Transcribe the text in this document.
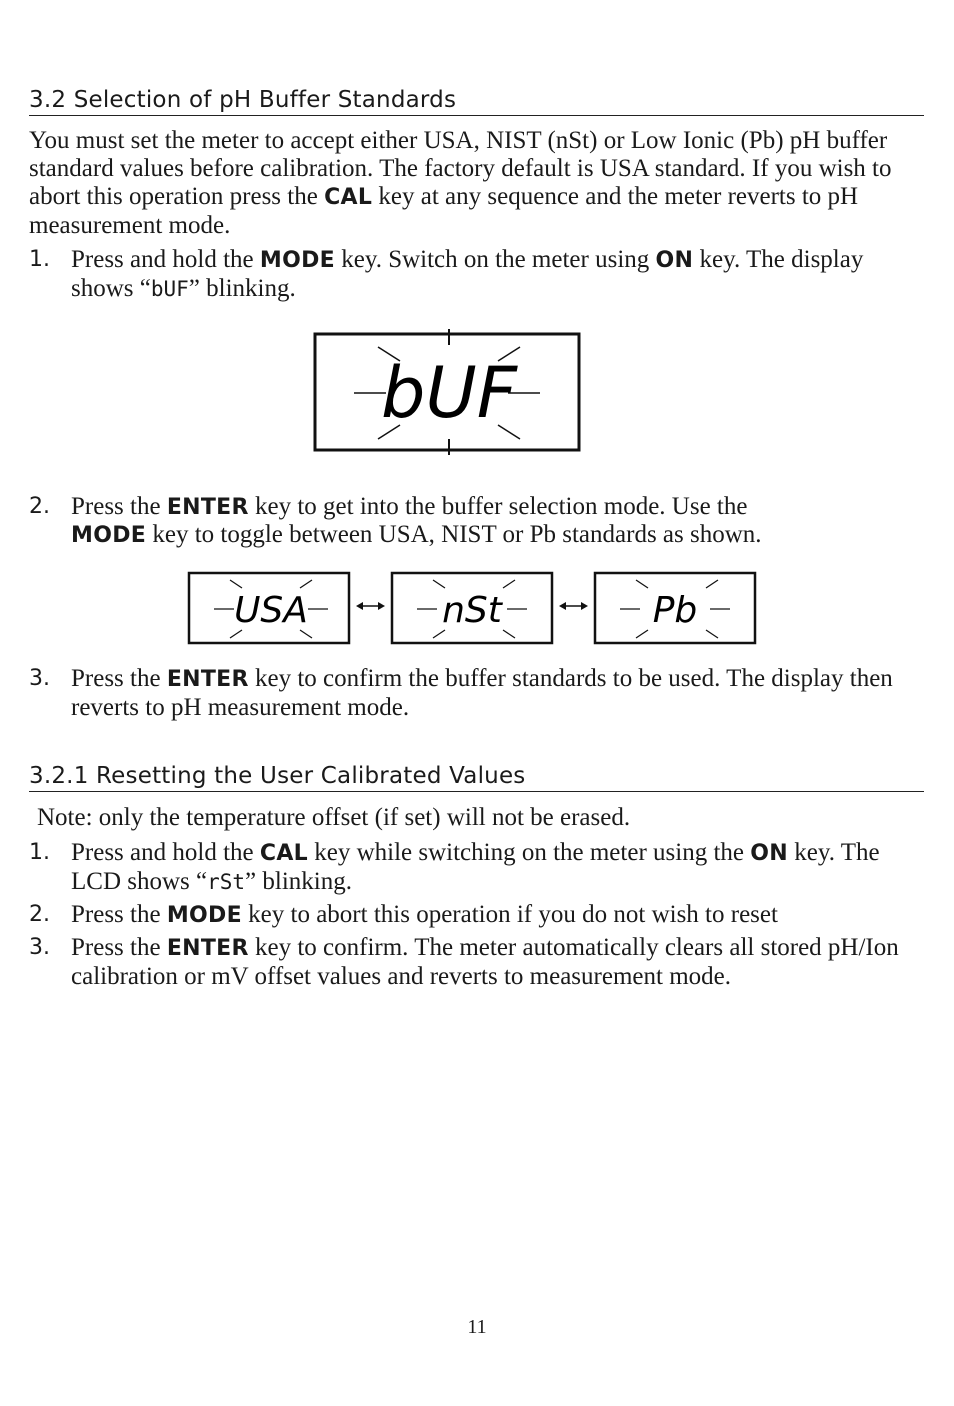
3.2 Selection of pH Buffer Standards
You must set the meter to accept either USA, NIST (nSt) or Low Ionic (Pb) pH buffer standard values before calibration. The factory default is USA standard. If you wish to abort this operation press the CAL key at any sequence and the meter reverts to pH measurement mode.
1. Press and hold the MODE key. Switch on the meter using ON key. The display shows “bUF” blinking.
bUF
2. Press the ENTER key to get into the buffer selection mode. Use the
MODE key to toggle between USA, NIST or Pb standards as shown.
USA	nSt	Pb
3. Press the ENTER key to confirm the buffer standards to be used. The display then reverts to pH measurement mode.
3.2.1 Resetting the User Calibrated Values
Note: only the temperature offset (if set) will not be erased.
1. Press and hold the CAL key while switching on the meter using the ON key. The LCD shows “rSt” blinking.
2. Press the MODE key to abort this operation if you do not wish to reset
3. Press the ENTER key to confirm. The meter automatically clears all stored pH/Ion calibration or mV offset values and reverts to measurement mode.
11
